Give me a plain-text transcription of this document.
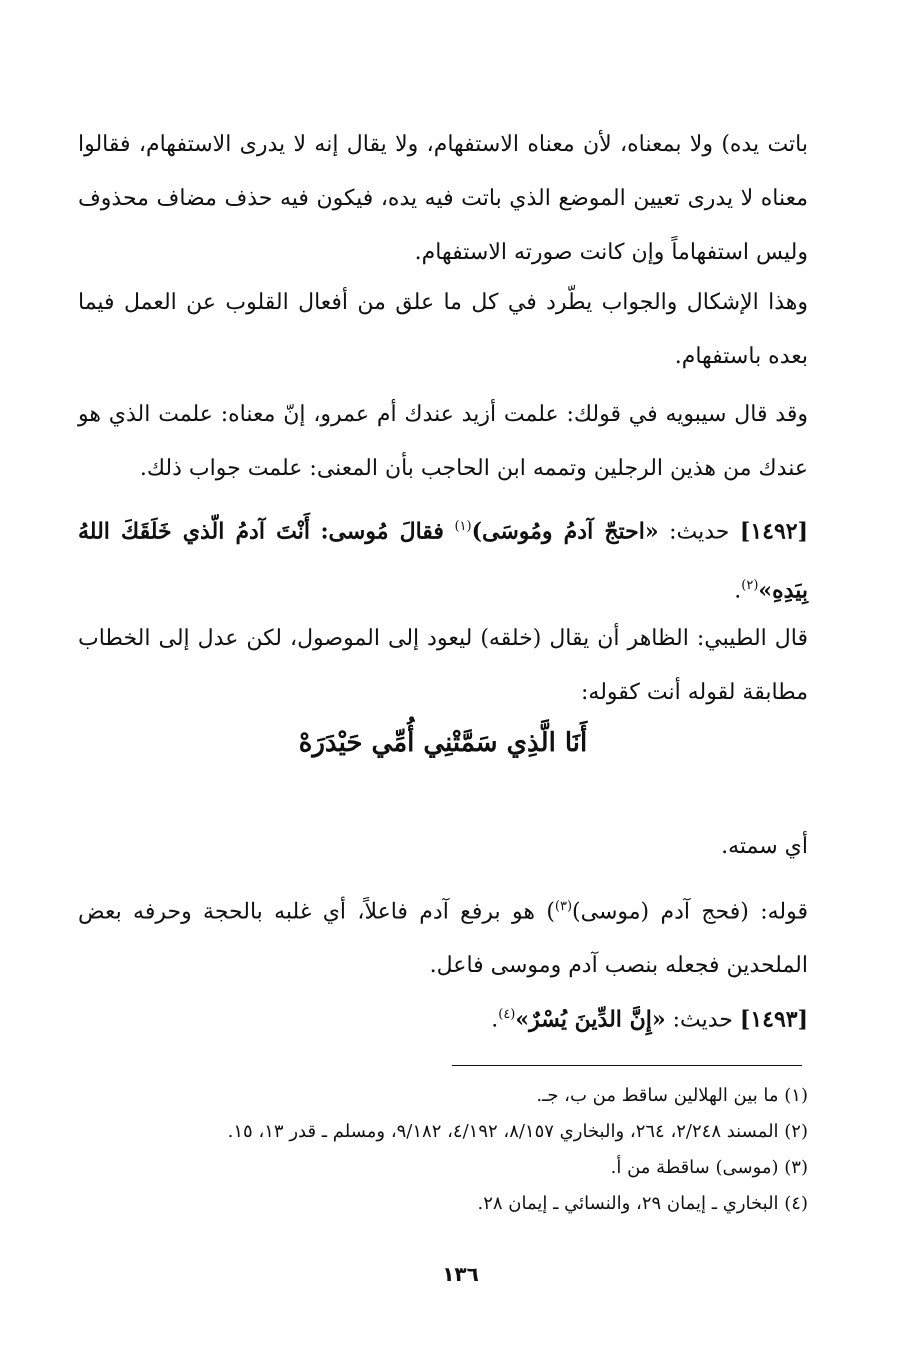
باتت يده) ولا بمعناه، لأن معناه الاستفهام، ولا يقال إنه لا يدرى الاستفهام، فقالوا معناه لا يدرى تعيين الموضع الذي باتت فيه يده، فيكون فيه حذف مضاف محذوف وليس استفهاماً وإن كانت صورته الاستفهام.

وهذا الإشكال والجواب يطّرد في كل ما علق من أفعال القلوب عن العمل فيما بعده باستفهام.

وقد قال سيبويه في قولك: علمت أزيد عندك أم عمرو، إنّ معناه: علمت الذي هو عندك من هذين الرجلين وتممه ابن الحاجب بأن المعنى: علمت جواب ذلك.

[١٤٩٢] حديث: «احتجّ آدمُ ومُوسَى)$^{(١)}$ فقالَ مُوسى: أَنْتَ آدمُ الّذي خَلَقَكَ اللهُ بِيَدِهِ»$^{(٢)}$.

قال الطيبي: الظاهر أن يقال (خلقه) ليعود إلى الموصول، لكن عدل إلى الخطاب مطابقة لقوله أنت كقوله:

أَنَا الَّذِي سَمَّتْنِي أُمِّي حَيْدَرَهْ

أي سمته.

قوله: (فحج آدم (موسى)$^{(٣)}$) هو برفع آدم فاعلاً، أي غلبه بالحجة وحرفه بعض الملحدين فجعله بنصب آدم وموسى فاعل.

[١٤٩٣] حديث: «إِنَّ الدِّينَ يُسْرٌ»$^{(٤)}$.

(١) ما بين الهلالين ساقط من ب، جـ.

(٢) المسند ٢/٢٤٨، ٢٦٤، والبخاري ٨/١٥٧، ٤/١٩٢، ٩/١٨٢، ومسلم ـ قدر ١٣، ١٥.

(٣) (موسى) ساقطة من أ.

(٤) البخاري ـ إيمان ٢٩، والنسائي ـ إيمان ٢٨.

١٣٦
